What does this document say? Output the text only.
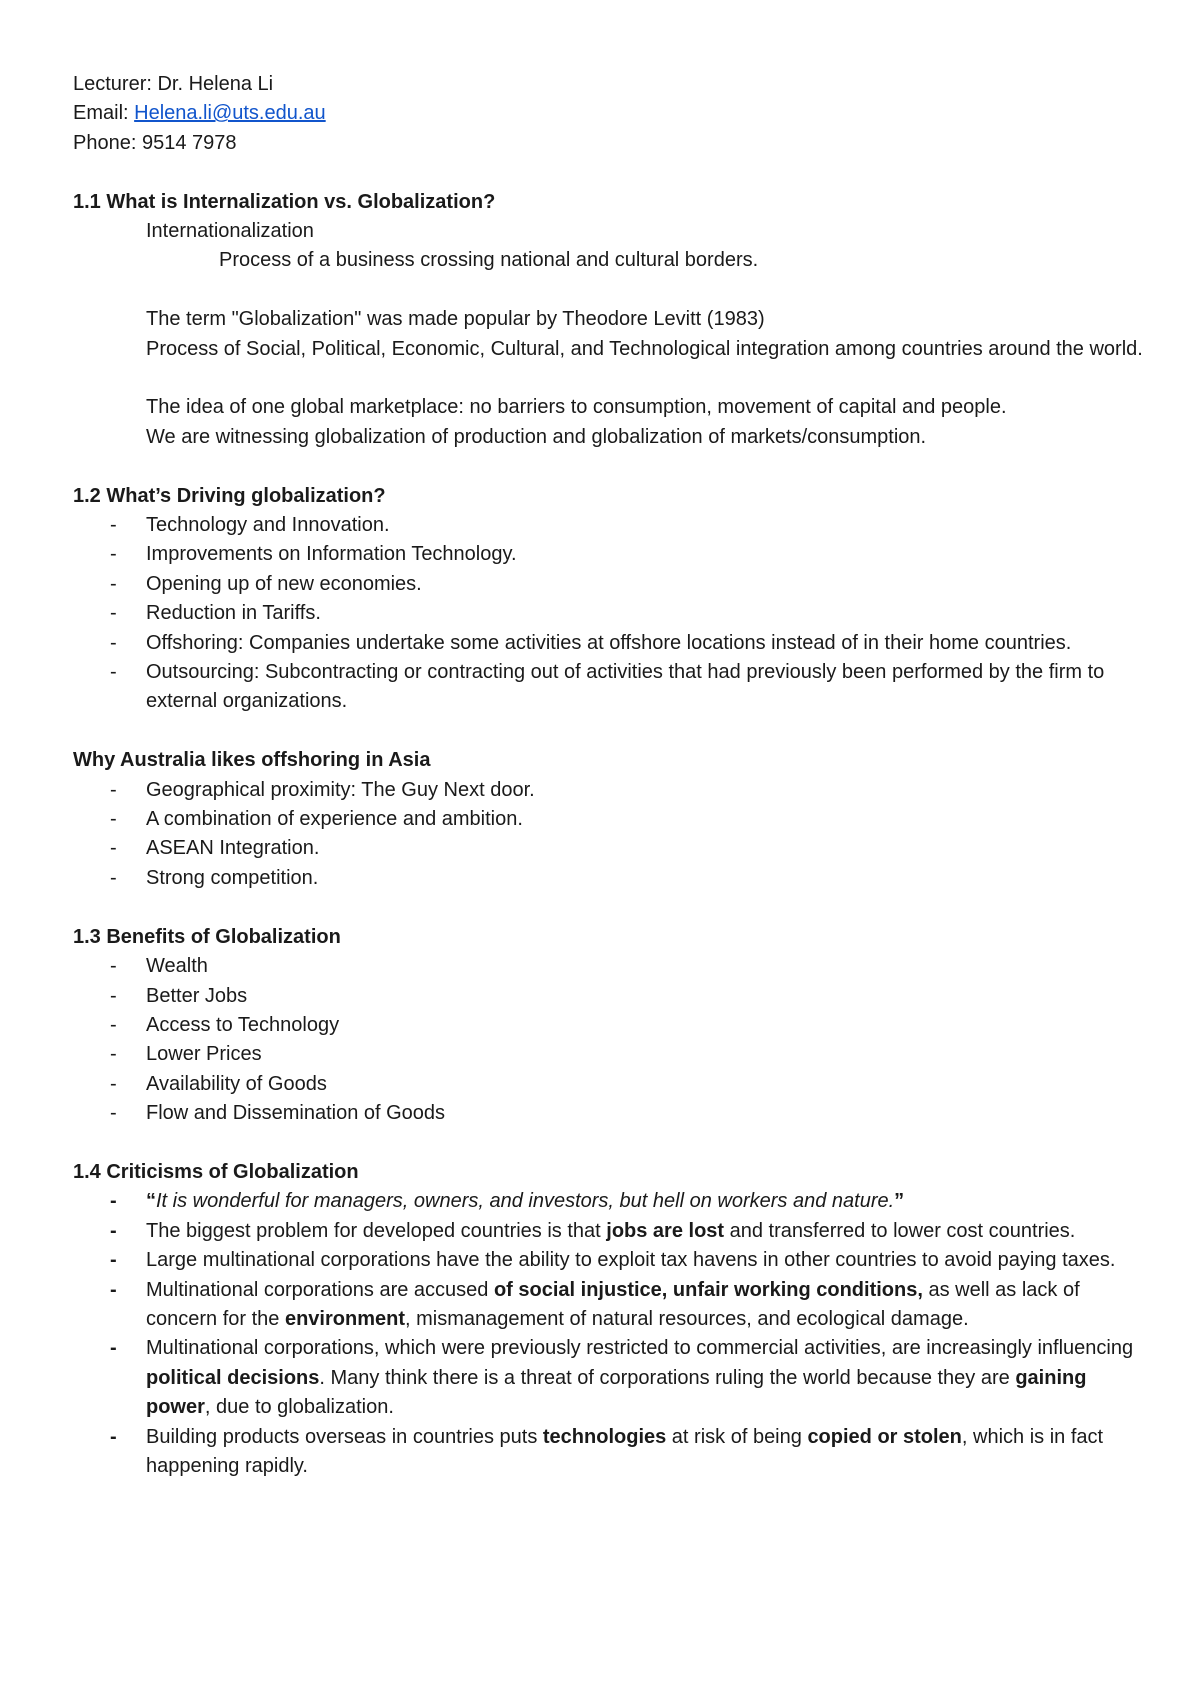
Lecturer: Dr. Helena Li

Email: Helena.li@uts.edu.au

Phone: 9514 7978

1.1 What is Internalization vs. Globalization?

Internationalization

Process of a business crossing national and cultural borders.

The term "Globalization" was made popular by Theodore Levitt (1983)

Process of Social, Political, Economic, Cultural, and Technological integration among countries around the world.

The idea of one global marketplace: no barriers to consumption, movement of capital and people.

We are witnessing globalization of production and globalization of markets/consumption.

1.2 What’s Driving globalization?

- Technology and Innovation.
- Improvements on Information Technology.
- Opening up of new economies.
- Reduction in Tariffs.
- Offshoring: Companies undertake some activities at offshore locations instead of in their home countries.
- Outsourcing: Subcontracting or contracting out of activities that had previously been performed by the firm to external organizations.

Why Australia likes offshoring in Asia

- Geographical proximity: The Guy Next door.
- A combination of experience and ambition.
- ASEAN Integration.
- Strong competition.

1.3 Benefits of Globalization

- Wealth
- Better Jobs
- Access to Technology
- Lower Prices
- Availability of Goods
- Flow and Dissemination of Goods

1.4 Criticisms of Globalization

- “It is wonderful for managers, owners, and investors, but hell on workers and nature.”
- The biggest problem for developed countries is that jobs are lost and transferred to lower cost countries.
- Large multinational corporations have the ability to exploit tax havens in other countries to avoid paying taxes.
- Multinational corporations are accused of social injustice, unfair working conditions, as well as lack of concern for the environment, mismanagement of natural resources, and ecological damage.
- Multinational corporations, which were previously restricted to commercial activities, are increasingly influencing political decisions. Many think there is a threat of corporations ruling the world because they are gaining power, due to globalization.
- Building products overseas in countries puts technologies at risk of being copied or stolen, which is in fact happening rapidly.
